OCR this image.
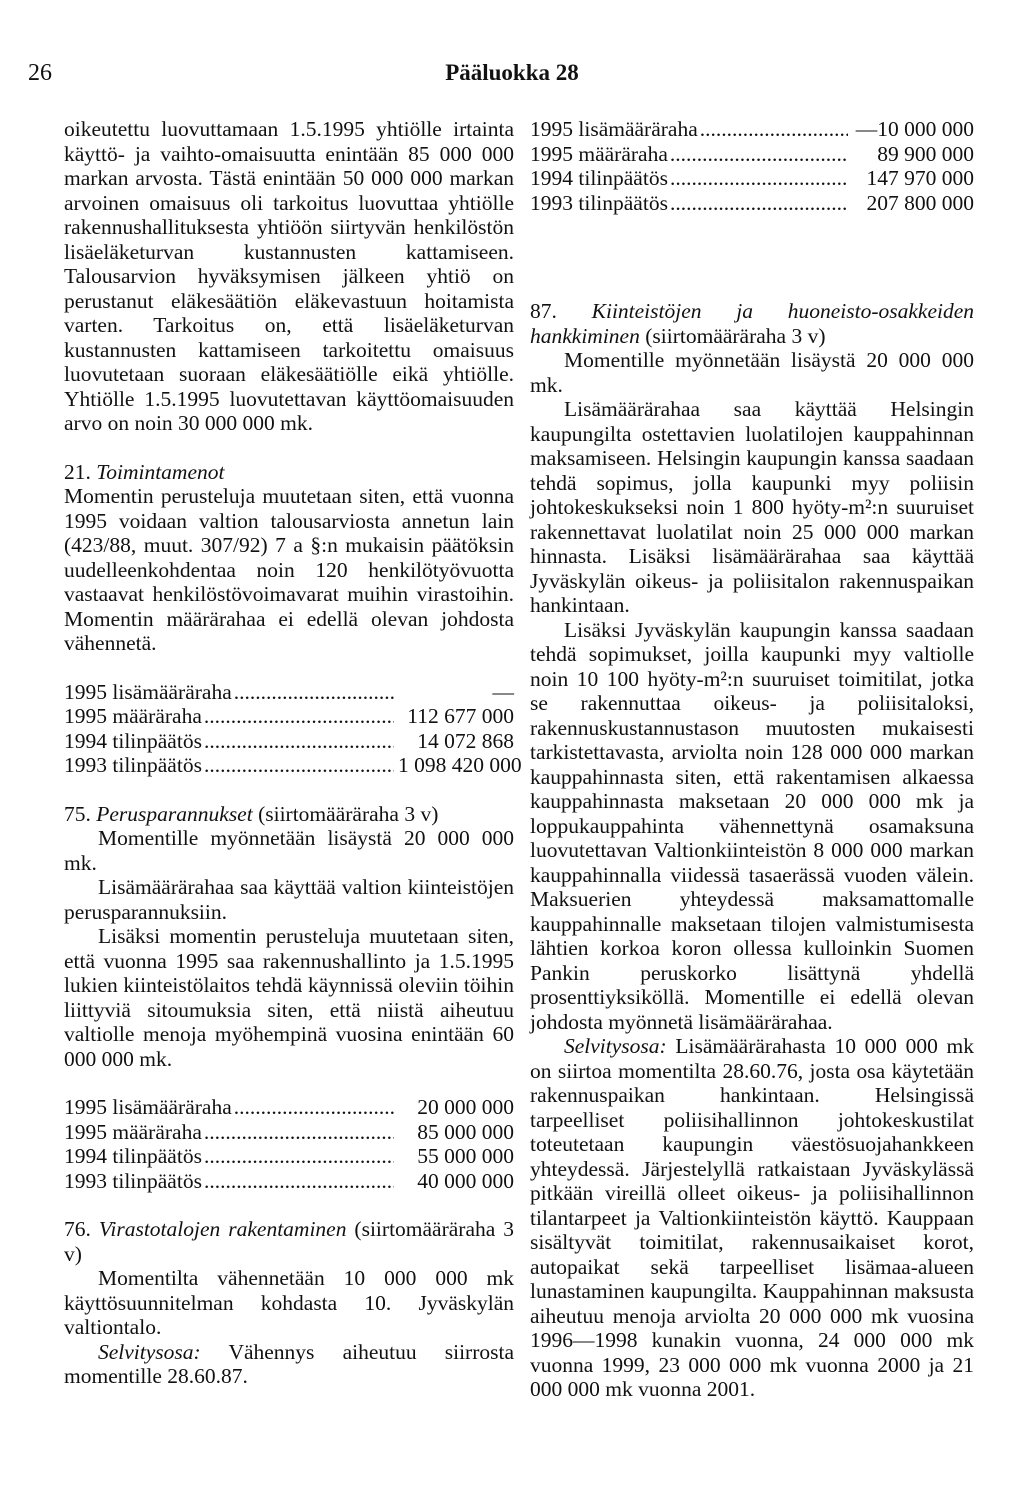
26	Pääluokka 28

oikeutettu luovuttamaan 1.5.1995 yhtiölle irtainta käyttö- ja vaihto-omaisuutta enintään 85 000 000 markan arvosta. Tästä enintään 50 000 000 markan arvoinen omaisuus oli tarkoitus luovuttaa yhtiölle rakennushallituksesta yhtiöön siirtyvän henkilöstön lisäeläketurvan kustannusten kattamiseen. Talousarvion hyväksymisen jälkeen yhtiö on perustanut eläkesäätiön eläkevastuun hoitamista varten. Tarkoitus on, että lisäeläketurvan kustannusten kattamiseen tarkoitettu omaisuus luovutetaan suoraan eläkesäätiölle eikä yhtiölle. Yhtiölle 1.5.1995 luovutettavan käyttöomaisuuden arvo on noin 30 000 000 mk.

21. Toimintamenot

Momentin perusteluja muutetaan siten, että vuonna 1995 voidaan valtion talousarviosta annetun lain (423/88, muut. 307/92) 7 a §:n mukaisin päätöksin uudelleenkohdentaa noin 120 henkilötyövuotta vastaavat henkilöstövoimavarat muihin virastoihin. Momentin määrärahaa ei edellä olevan johdosta vähennetä.

1995 lisämääräraha .....	—
1995 määräraha .....	112 677 000
1994 tilinpäätös .....	14 072 868
1993 tilinpäätös .....	1 098 420 000

75. Perusparannukset (siirtomääräraha 3 v)

Momentille myönnetään lisäystä 20 000 000 mk.

Lisämäärärahaa saa käyttää valtion kiinteistöjen perusparannuksiin.

Lisäksi momentin perusteluja muutetaan siten, että vuonna 1995 saa rakennushallinto ja 1.5.1995 lukien kiinteistölaitos tehdä käynnissä oleviin töihin liittyviä sitoumuksia siten, että niistä aiheutuu valtiolle menoja myöhempinä vuosina enintään 60 000 000 mk.

1995 lisämääräraha .....	20 000 000
1995 määräraha .....	85 000 000
1994 tilinpäätös .....	55 000 000
1993 tilinpäätös .....	40 000 000

76. Virastotalojen rakentaminen (siirtomääräraha 3 v)

Momentilta vähennetään 10 000 000 mk käyttösuunnitelman kohdasta 10. Jyväskylän valtiontalo.

Selvitysosa: Vähennys aiheutuu siirrosta momentille 28.60.87.

1995 lisämääräraha .....	—10 000 000
1995 määräraha .....	89 900 000
1994 tilinpäätös .....	147 970 000
1993 tilinpäätös .....	207 800 000

87. Kiinteistöjen ja huoneisto-osakkeiden hankkiminen (siirtomääräraha 3 v)

Momentille myönnetään lisäystä 20 000 000 mk.

Lisämäärärahaa saa käyttää Helsingin kaupungilta ostettavien luolatilojen kauppahinnan maksamiseen. Helsingin kaupungin kanssa saadaan tehdä sopimus, jolla kaupunki myy poliisin johtokeskukseksi noin 1 800 hyöty-m²:n suuruiset rakennettavat luolatilat noin 25 000 000 markan hinnasta. Lisäksi lisämäärärahaa saa käyttää Jyväskylän oikeus- ja poliisitalon rakennuspaikan hankintaan.

Lisäksi Jyväskylän kaupungin kanssa saadaan tehdä sopimukset, joilla kaupunki myy valtiolle noin 10 100 hyöty-m²:n suuruiset toimitilat, jotka se rakennuttaa oikeus- ja poliisitaloksi, rakennuskustannustason muutosten mukaisesti tarkistettavasta, arviolta noin 128 000 000 markan kauppahinnasta siten, että rakentamisen alkaessa kauppahinnasta maksetaan 20 000 000 mk ja loppukauppahinta vähennettynä osamaksuna luovutettavan Valtionkiinteistön 8 000 000 markan kauppahinnalla viidessä tasaerässä vuoden välein. Maksuerien yhteydessä maksamattomalle kauppahinnalle maksetaan tilojen valmistumisesta lähtien korkoa koron ollessa kulloinkin Suomen Pankin peruskorko lisättynä yhdellä prosenttiyksiköllä. Momentille ei edellä olevan johdosta myönnetä lisämäärärahaa.

Selvitysosa: Lisämäärärahasta 10 000 000 mk on siirtoa momentilta 28.60.76, josta osa käytetään rakennuspaikan hankintaan. Helsingissä tarpeelliset poliisihallinnon johtokeskustilat toteutetaan kaupungin väestösuojahankkeen yhteydessä. Järjestelyllä ratkaistaan Jyväskylässä pitkään vireillä olleet oikeus- ja poliisihallinnon tilantarpeet ja Valtionkiinteistön käyttö. Kauppaan sisältyvät toimitilat, rakennusaikaiset korot, autopaikat sekä tarpeelliset lisämaa-alueen lunastaminen kaupungilta. Kauppahinnan maksusta aiheutuu menoja arviolta 20 000 000 mk vuosina 1996—1998 kunakin vuonna, 24 000 000 mk vuonna 1999, 23 000 000 mk vuonna 2000 ja 21 000 000 mk vuonna 2001.
